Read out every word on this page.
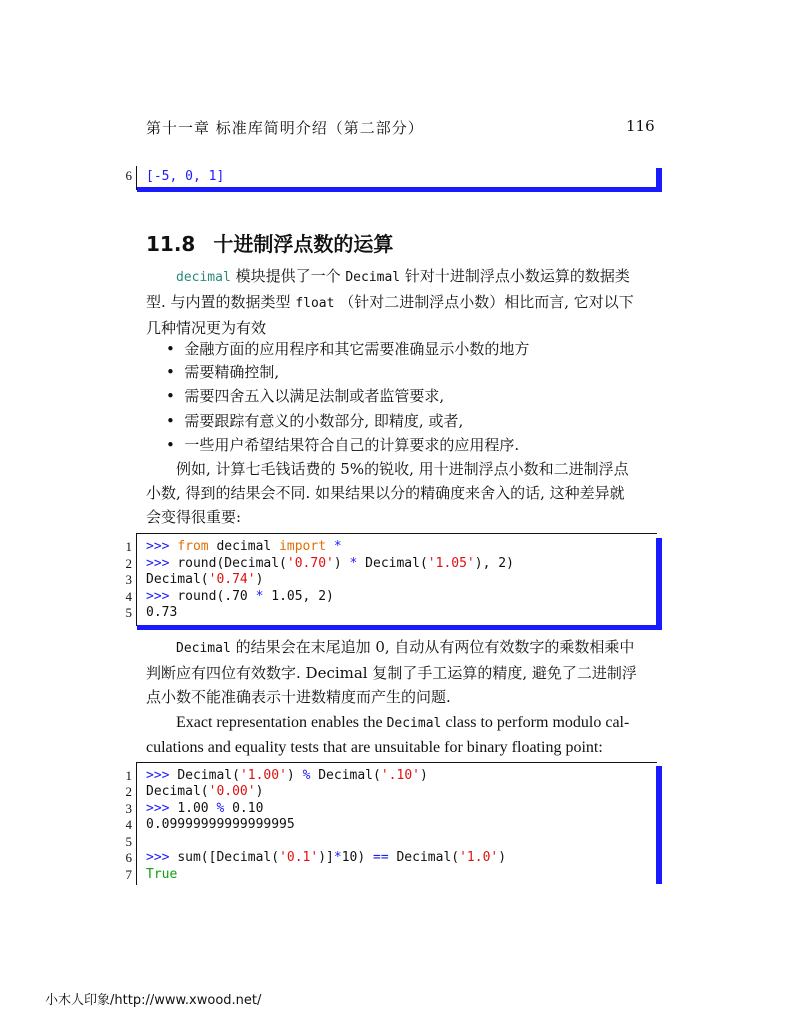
第十一章 标准库简明介绍（第二部分）	116
6 [-5, 0, 1]
11.8 十进制浮点数的运算
decimal 模块提供了一个 Decimal 针对十进制浮点小数运算的数据类
型. 与内置的数据类型 float （针对二进制浮点小数）相比而言, 它对以下
几种情况更为有效
•  金融方面的应用程序和其它需要准确显示小数的地方
•  需要精确控制,
•  需要四舍五入以满足法制或者监管要求,
•  需要跟踪有意义的小数部分, 即精度, 或者,
•  一些用户希望结果符合自己的计算要求的应用程序.
例如, 计算七毛钱话费的 5%的锐收, 用十进制浮点小数和二进制浮点
小数, 得到的结果会不同. 如果结果以分的精确度来舍入的话, 这种差异就
会变得很重要:
1
2
3
4
5
>>> from decimal import *
>>> round(Decimal('0.70') * Decimal('1.05'), 2)
Decimal('0.74')
>>> round(.70 * 1.05, 2)
0.73
Decimal 的结果会在末尾追加 0, 自动从有两位有效数字的乘数相乘中
判断应有四位有效数字. Decimal 复制了手工运算的精度, 避免了二进制浮
点小数不能准确表示十进数精度而产生的问题.
Exact representation enables the Decimal class to perform modulo cal-
culations and equality tests that are unsuitable for binary floating point:
1
2
3
4
5
6
7
>>> Decimal('1.00') % Decimal('.10')
Decimal('0.00')
>>> 1.00 % 0.10
0.09999999999999995
>>> sum([Decimal('0.1')]*10) == Decimal('1.0')
True
小木人印象/http://www.xwood.net/
